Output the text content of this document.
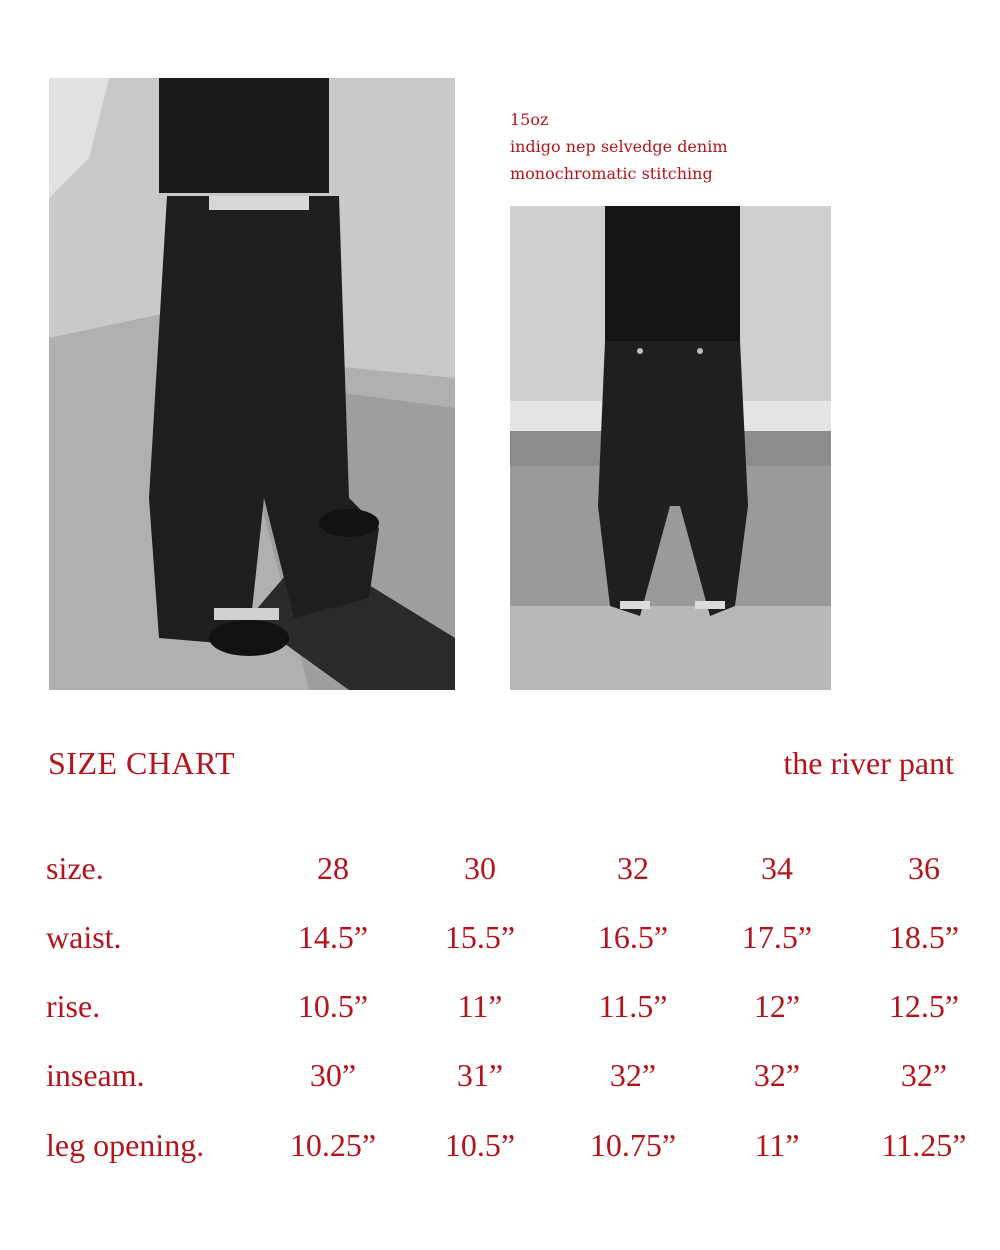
15oz
indigo nep selvedge denim
monochromatic stitching
SIZE CHART	the river pant
size.	28	30	32	34	36
waist.	14.5”	15.5”	16.5”	17.5”	18.5”
rise.	10.5”	11”	11.5”	12”	12.5”
inseam.	30”	31”	32”	32”	32”
leg opening.	10.25”	10.5”	10.75”	11”	11.25”
